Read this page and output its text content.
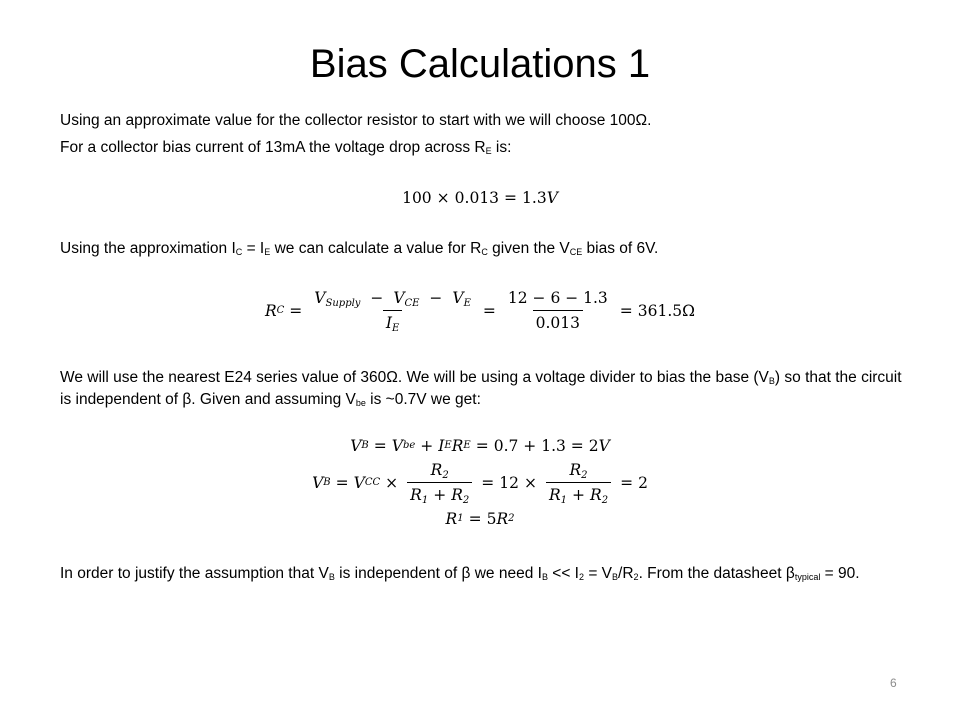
Bias Calculations 1
Using an approximate value for the collector resistor to start with we will choose 100Ω.
For a collector bias current of 13mA the voltage drop across $R_E$ is:
100 × 0.013 = 1.3 V
Using the approximation $I_C = I_E$ we can calculate a value for $R_C$ given the $V_{CE}$ bias of 6V.
R $C = \frac{V_{Supply} - V_{CE} - V_E}{I_E} = \frac{12 - 6 - 1.3}{0.013} = 361.5\Omega$
We will use the nearest E24 series value of 360Ω. We will be using a voltage divider to bias the base $(V_B)$ so that the circuit is independent of β. Given and assuming $V_{be}$ is ~0.7V we get:
V B = V be + I E R E = 0.7 + 1.3 = 2 V
V B = V CC × $\frac{R_2}{R_1 + R_2} = 12 \times \frac{R_2}{R_1 + R_2} = 2$
R 1 = 5 R 2
In order to justify the assumption that $V_B$ is independent of β we need $I_B << I_2 = V_B/R_2$. From the datasheet $\beta_{typical} = 90$.
6
